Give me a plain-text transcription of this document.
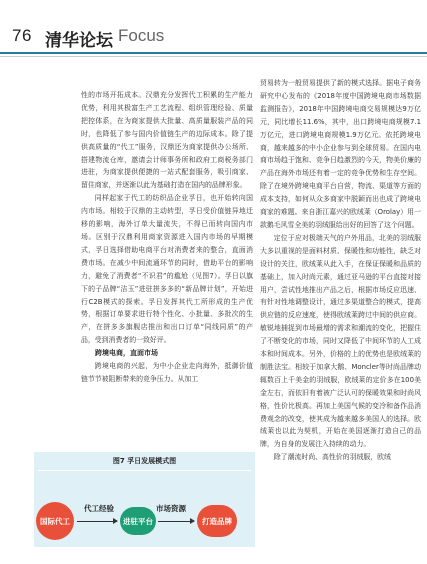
76 清华论坛 Focus

性的市场开拓成本。汉鼎充分发挥代工积累的生产能力优势，利用其极富生产工艺流程、组织管理经验、质量把控体系，在为商家提供大批量、高质量服装产品的同时，也降低了参与国内价值链生产的边际成本。除了提供高质量的“代工”服务，汉鼎还为商家提供办公场所、搭建物流仓库，邀请会计师事务所和政府工商税务部门进驻，为商家提供便捷的一站式配套服务，吸引商家、留住商家，并逐渐以此为基础打造在国内的品牌形象。

同样起家于代工的纺织品企业孚日，也开始转向国内市场。相较于汉鼎的主动转型，孚日受价值链异地迁移的影响，海外订单大量流失，不得已而转向国内市场。区别于汉鼎利用商家资源进入国内市场的早期模式，孚日选择借助电商平台对消费者来的整合，直面消费市场。在减少中间流通环节的同时，借助平台的影响力，避免了消费者“不识君”的尴尬（见图7）。孚日以旗下的子品牌“洁玉”进驻拼多多的“新品牌计划”，开始进行C2B模式的探索。孚日发挥其代工所形成的生产优势，根据订单要求进行特个性化、小批量、多批次的生产，在拼多多旗舰店推出和出口订单“同线同质”的产品，受到消费者的一致好评。

跨境电商，直面市场

跨境电商的兴起，为中小企业走向海外，抵御价值链节节被阻断带来的竞争压力。从加工

贸易转为一般贸易提供了新的模式选择。据电子商务研究中心发布的《2018年度中国跨境电商市场数据监测报告》，2018年中国跨境电商交易规模达9万亿元，同比增长11.6%，其中，出口跨境电商规模7.1万亿元，进口跨境电商规模1.9万亿元。依托跨境电商，越来越多的中小企业参与到全球贸易。在国内电商市场趋于饱和、竞争日趋激烈的今天，物美价廉的产品在海外市场还有着一定的竞争优势和生存空间。除了在境外跨境电商平台自营，物流、渠道等方面的成本支持，如何从众多商家中脱颖而出也成了跨境电商家的难题。来自浙江嘉兴的欧绒莱（Orolay）用一款鹅毛风雪全美的羽绒服给出好的回答了这个问题。

定位于应对极端天气的户外用品，北美的羽绒服大多以重视的是面料材质、保暖性和功能性，缺乏对设计的关注，欧绒莱从此入手，在保证保暖和品质的基础上，加入时尚元素，通过亚马逊的平台直接对接用户，尝试性地推出产品之后，根据市场反应迅速、有针对性地调整设计，通过多渠道整合的模式，提高供应链的反应速度，使得欧绒莱跨过中间的供应商。敏锐地捕捉到市场最增的需求和潮流的变化，把握住了不断变化的市场，同时又降低了中间环节的人工成本和时间成本。另外，价格的上的优势也是欧绒莱的制胜法宝。相较于加拿大鹅、Moncler等时尚品牌动辄数百上千美金的羽绒服，欧绒莱的定价多在100美金左右，而依旧有着被广泛认可的保暖效果和时尚风格，性价比极高。再加上美国气候的变冷和备作品消费观念的改变，使其成为越来越多美国人的选择。欧绒莱也以此为契机，开始在美国逐渐打造自己的品牌，为自身的发展注入持续的动力。

除了潮流时尚、高性价的羽绒服，欧绒

图7 孚日发展模式图
国际代工
代工经验
进驻平台
市场资源
打造品牌
